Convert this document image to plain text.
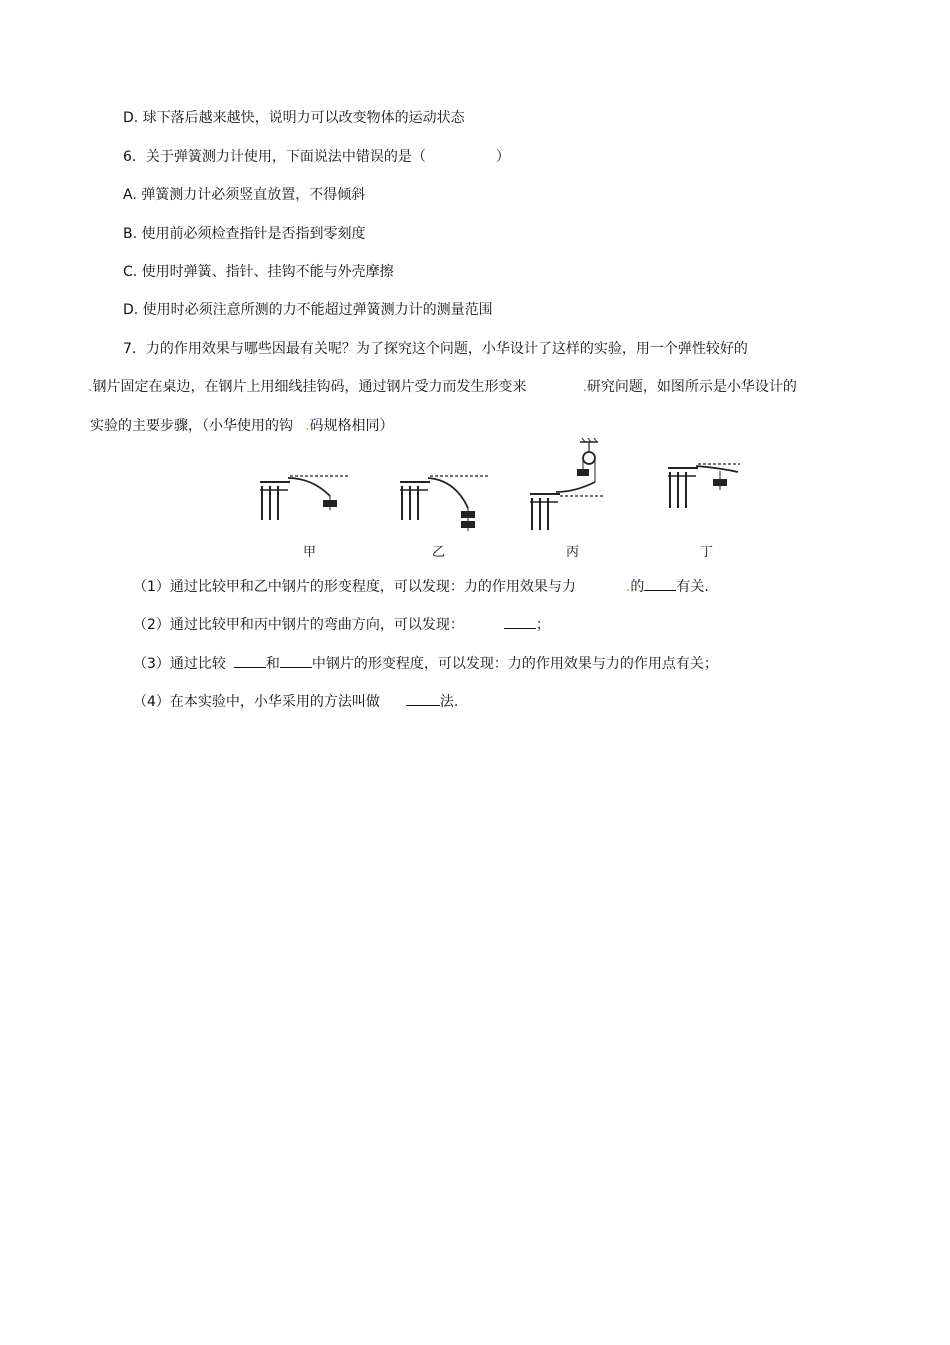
D. 球下落后越来越快，说明力可以改变物体的运动状态
6．关于弹簧测力计使用，下面说法中错误的是（	）
A. 弹簧测力计必须竖直放置，不得倾斜
B. 使用前必须检查指针是否指到零刻度
C. 使用时弹簧、指针、挂钩不能与外壳摩擦
D. 使用时必须注意所测的力不能超过弹簧测力计的测量范围
7．力的作用效果与哪些因最有关呢？为了探究这个问题，小华设计了这样的实验，用一个弹性较好的
.钢片固定在桌边，在钢片上用细线挂钩码，通过钢片受力而发生形变来	.研究问题，如图所示是小华设计的
实验的主要步骤，（小华使用的钩 .码规格相同）
甲	乙	丙	丁
（1）通过比较甲和乙中钢片的形变程度，可以发现：力的作用效果与力	.的 有关.
（2）通过比较甲和丙中钢片的弯曲方向，可以发现：	；
（3）通过比较	和 中钢片的形变程度，可以发现：力的作用效果与力的作用点有关；
（4）在本实验中，小华采用的方法叫做	法.
